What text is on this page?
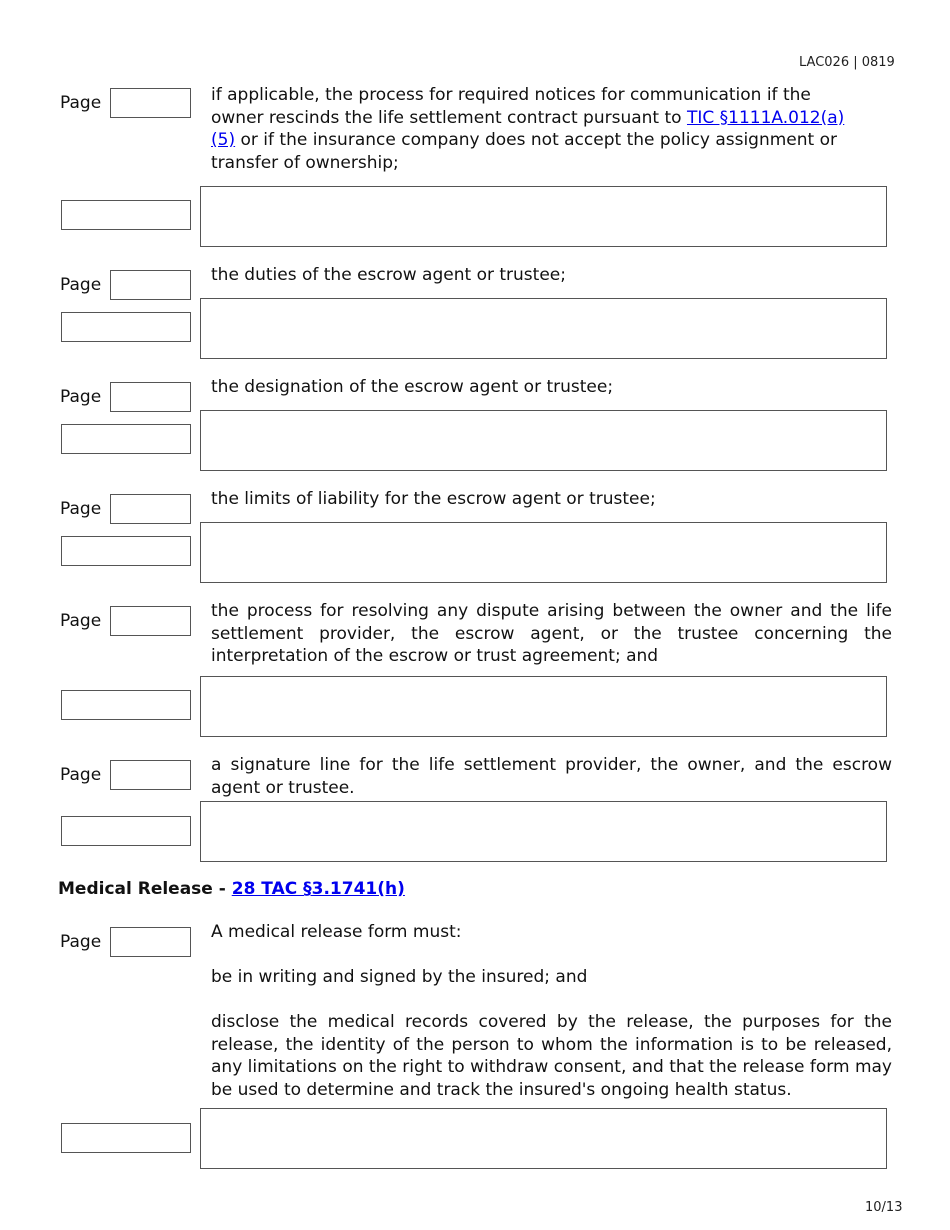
LAC026 | 0819
Page	if applicable, the process for required notices for communication if the owner rescinds the life settlement contract pursuant to TIC §1111A.012(a)(5) or if the insurance company does not accept the policy assignment or transfer of ownership;
Page	the duties of the escrow agent or trustee;
Page	the designation of the escrow agent or trustee;
Page	the limits of liability for the escrow agent or trustee;
Page	the process for resolving any dispute arising between the owner and the life settlement provider, the escrow agent, or the trustee concerning the interpretation of the escrow or trust agreement; and
Page	a signature line for the life settlement provider, the owner, and the escrow agent or trustee.
Medical Release - 28 TAC §3.1741(h)
Page	A medical release form must:
be in writing and signed by the insured; and
disclose the medical records covered by the release, the purposes for the release, the identity of the person to whom the information is to be released, any limitations on the right to withdraw consent, and that the release form may be used to determine and track the insured's ongoing health status.
10/13
